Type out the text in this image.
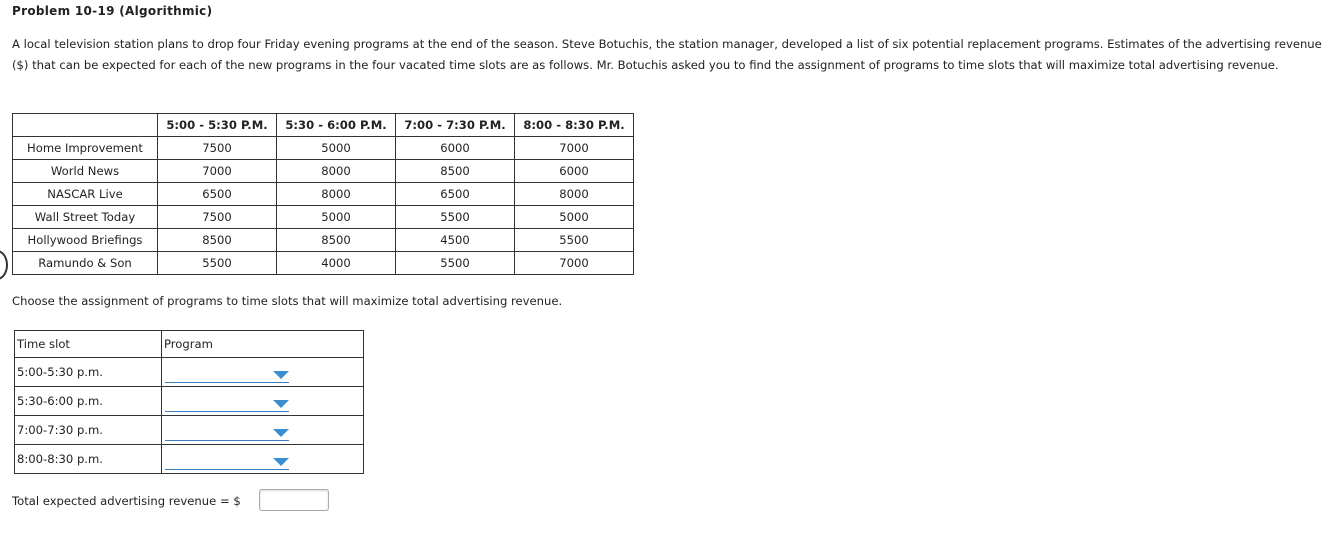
Problem 10-19 (Algorithmic)
A local television station plans to drop four Friday evening programs at the end of the season. Steve Botuchis, the station manager, developed a list of six potential replacement programs. Estimates of the advertising revenue ($) that can be expected for each of the new programs in the four vacated time slots are as follows. Mr. Botuchis asked you to find the assignment of programs to time slots that will maximize total advertising revenue.
	5:00 - 5:30 P.M.	5:30 - 6:00 P.M.	7:00 - 7:30 P.M.	8:00 - 8:30 P.M.
Home Improvement	7500	5000	6000	7000
World News	7000	8000	8500	6000
NASCAR Live	6500	8000	6500	8000
Wall Street Today	7500	5000	5500	5000
Hollywood Briefings	8500	8500	4500	5500
Ramundo & Son	5500	4000	5500	7000
Choose the assignment of programs to time slots that will maximize total advertising revenue.
Time slot	Program
5:00-5:30 p.m.	

5:30-6:00 p.m.	

7:00-7:30 p.m.	

8:00-8:30 p.m.	
Total expected advertising revenue = $
